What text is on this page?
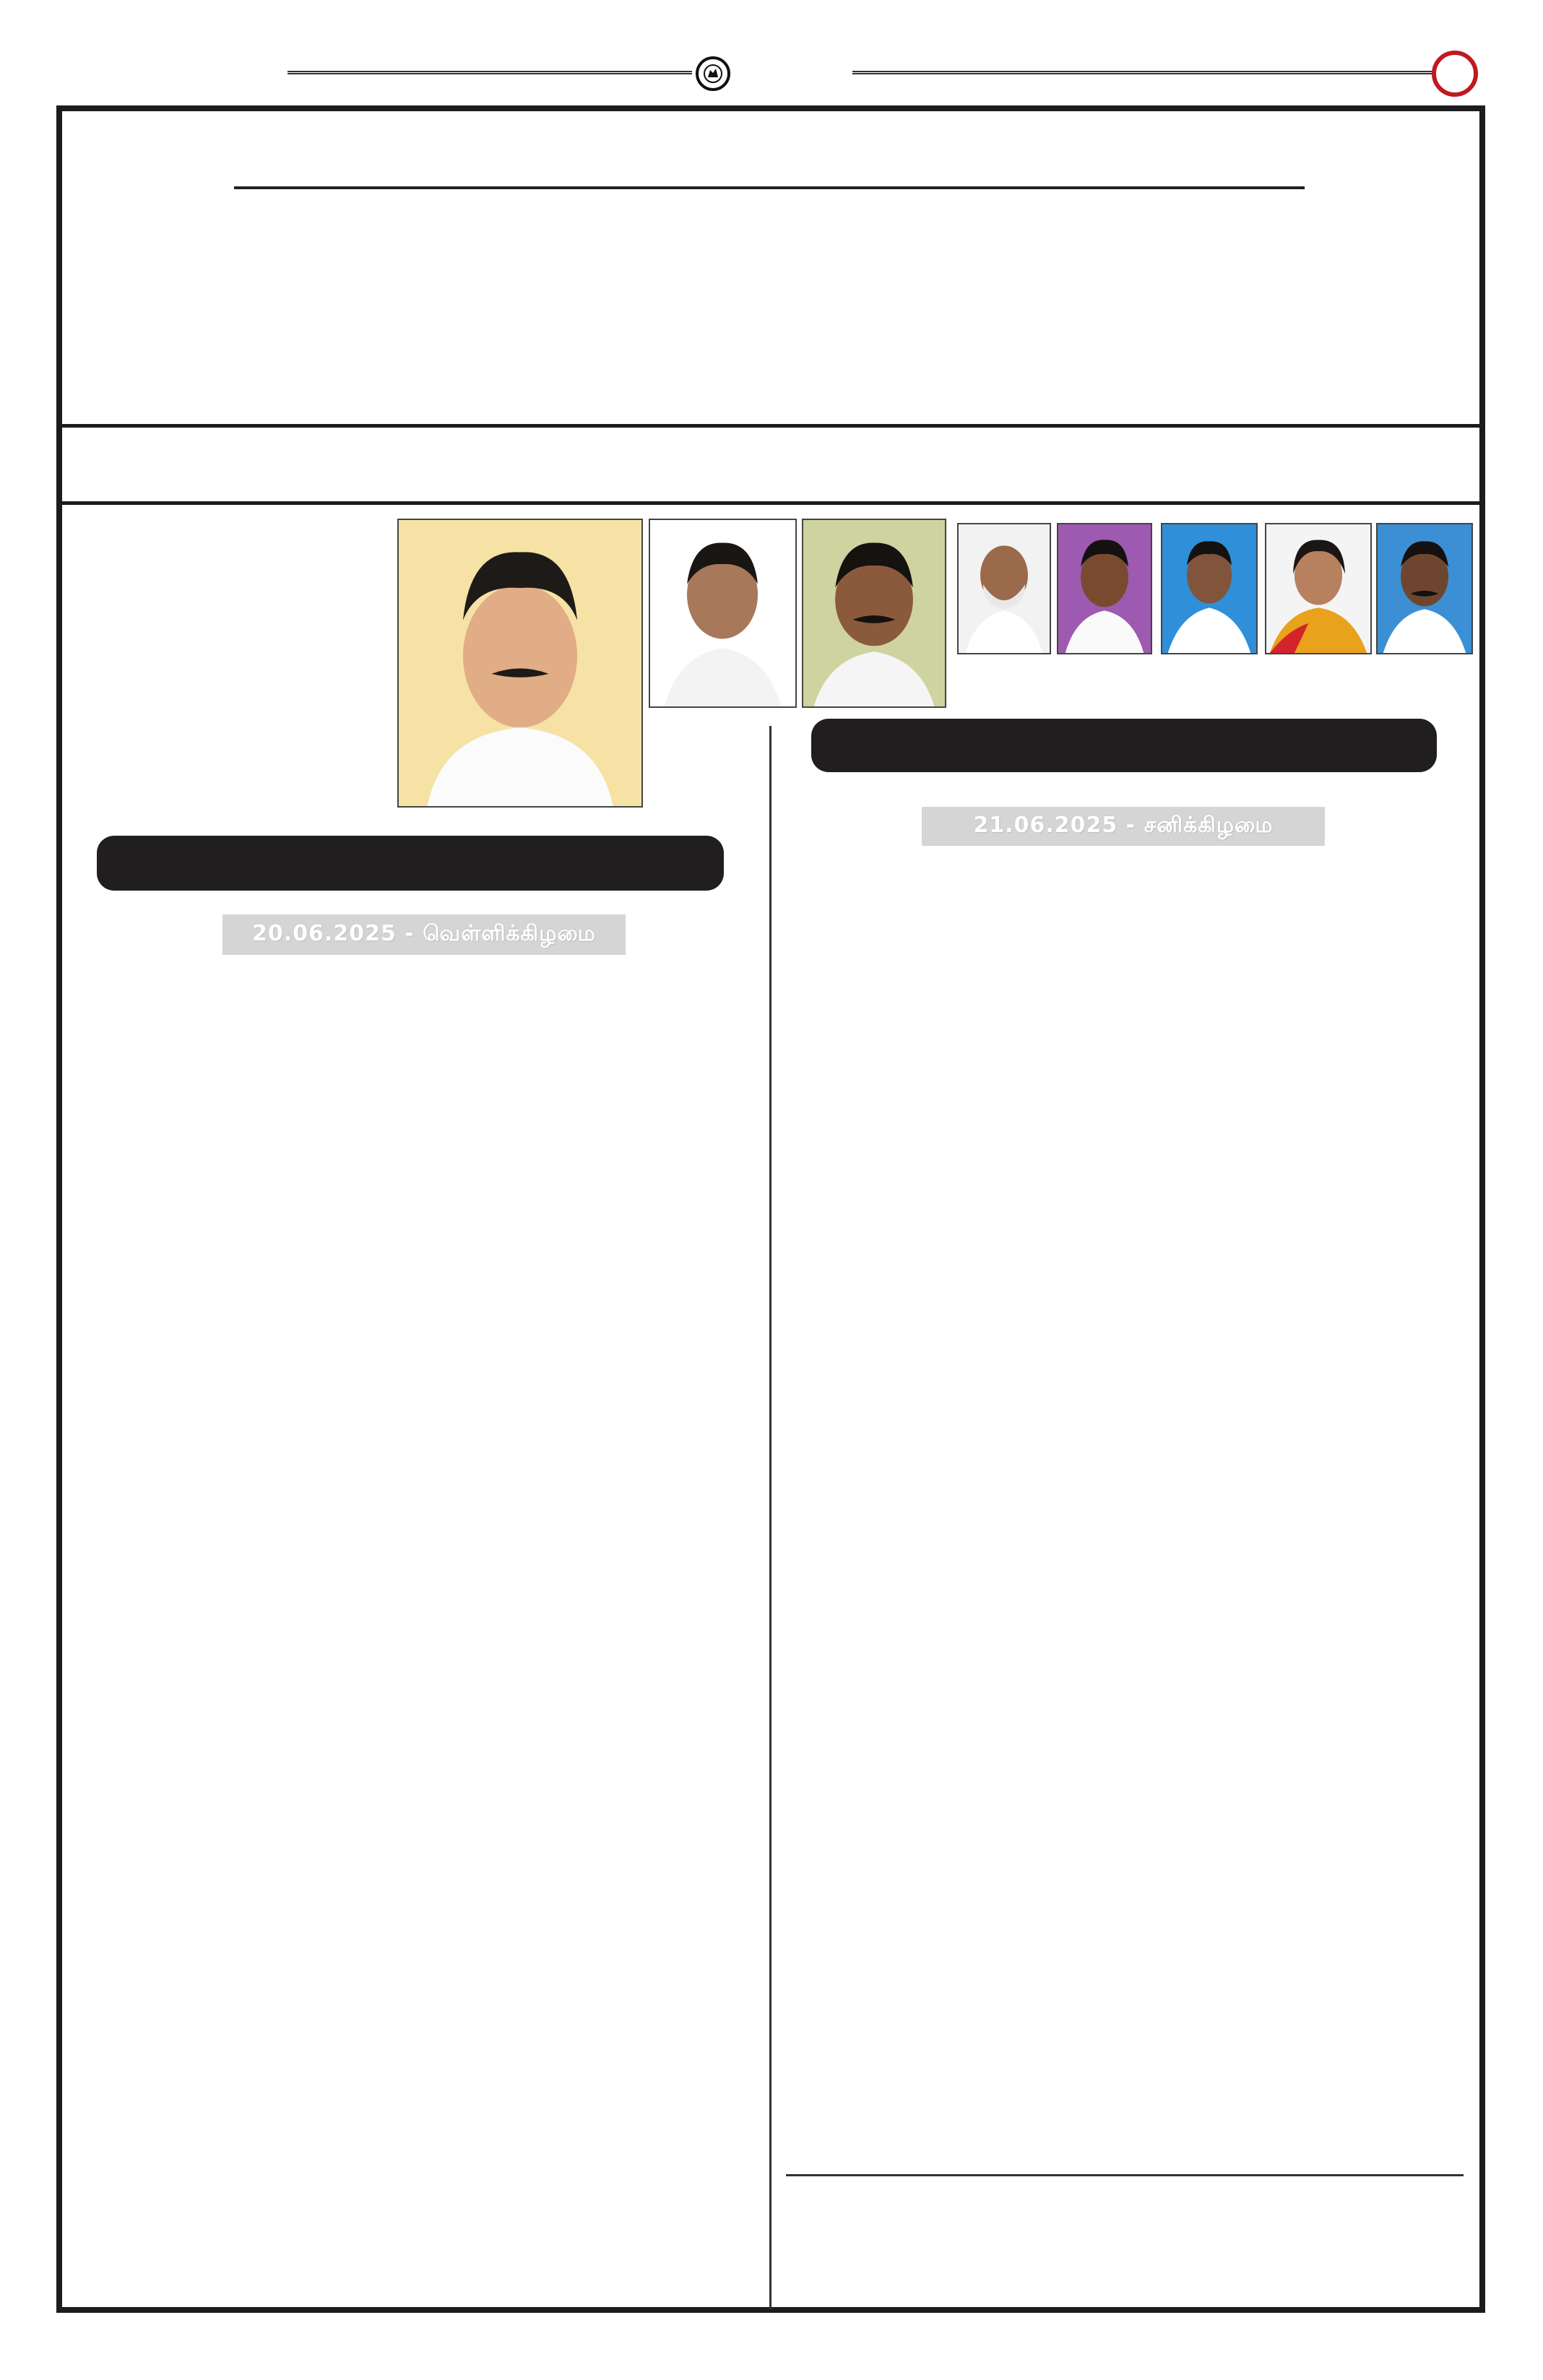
20.06.2025 - வெள்ளிக்கிழமை
21.06.2025 - சனிக்கிழமை
